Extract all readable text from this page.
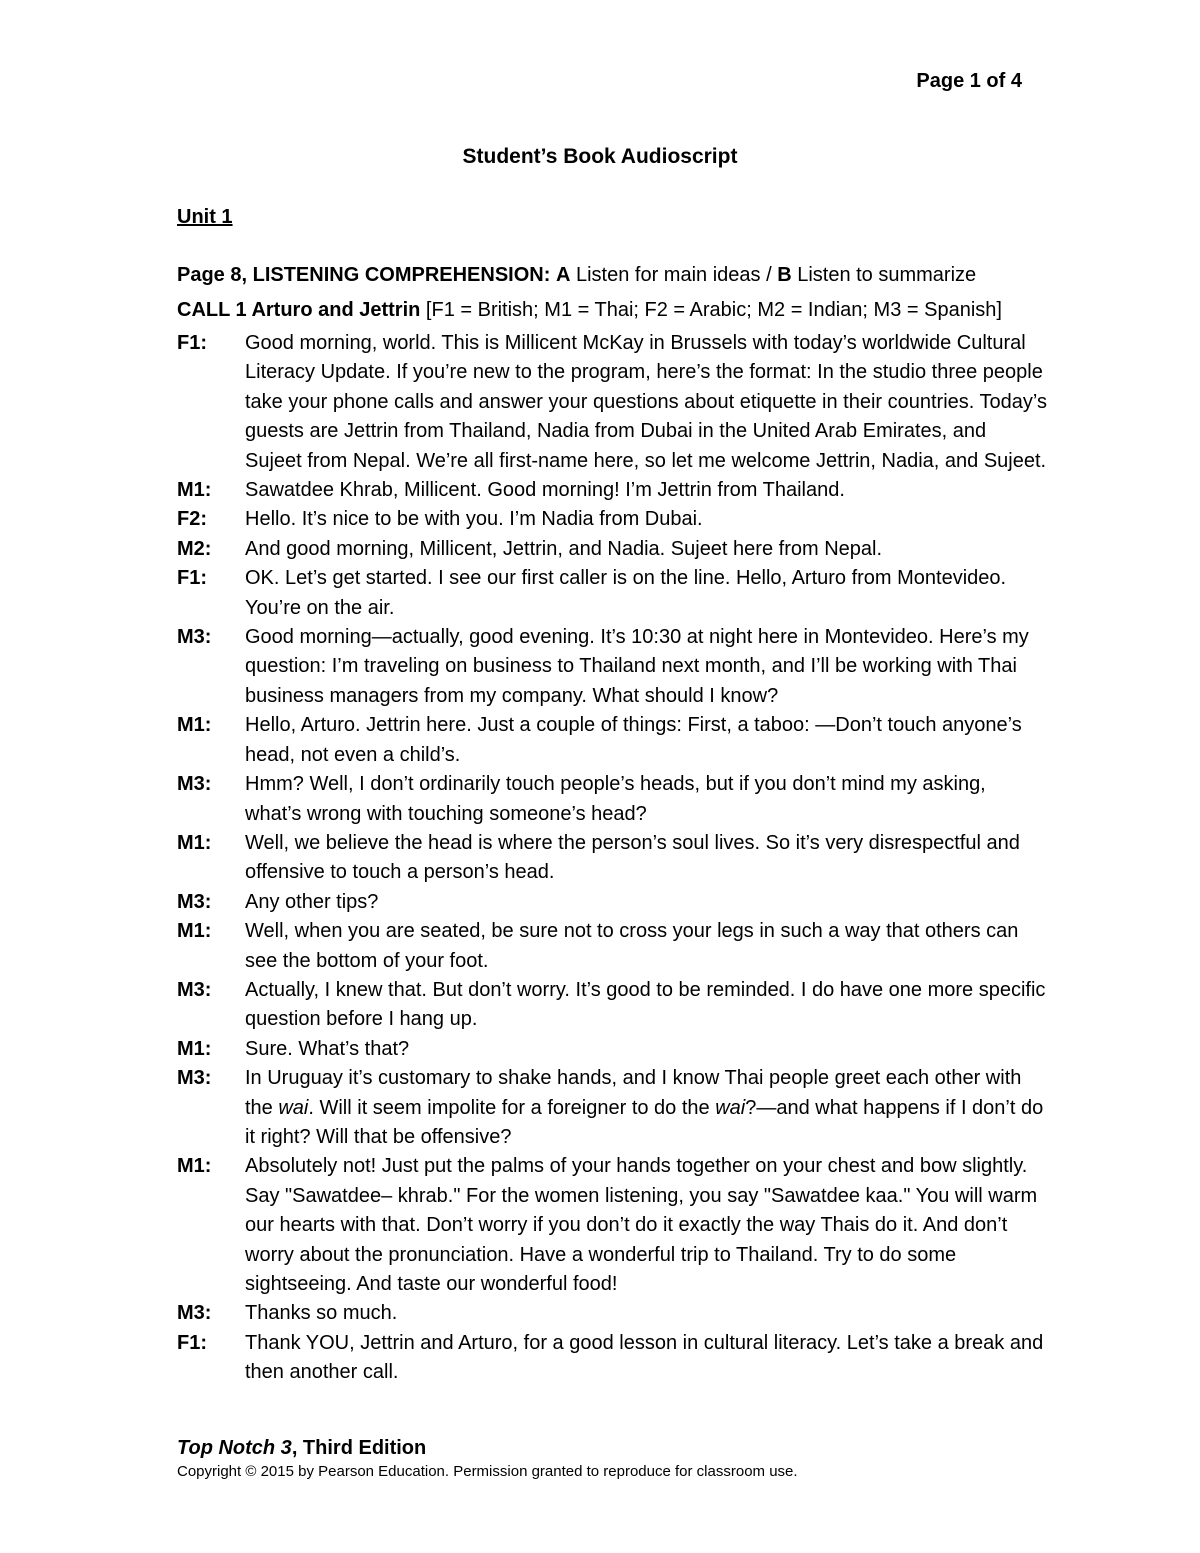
Page 1 of 4
Student’s Book Audioscript
Unit 1
Page 8, LISTENING COMPREHENSION: A Listen for main ideas / B Listen to summarize
CALL 1 Arturo and Jettrin [F1 = British; M1 = Thai; F2 = Arabic; M2 = Indian; M3 = Spanish]
F1:	Good morning, world. This is Millicent McKay in Brussels with today’s worldwide Cultural Literacy Update. If you’re new to the program, here’s the format: In the studio three people take your phone calls and answer your questions about etiquette in their countries. Today’s guests are Jettrin from Thailand, Nadia from Dubai in the United Arab Emirates, and Sujeet from Nepal. We’re all first-name here, so let me welcome Jettrin, Nadia, and Sujeet.
M1:	Sawatdee Khrab, Millicent. Good morning! I’m Jettrin from Thailand.
F2:	Hello. It’s nice to be with you. I’m Nadia from Dubai.
M2:	And good morning, Millicent, Jettrin, and Nadia. Sujeet here from Nepal.
F1:	OK. Let’s get started. I see our first caller is on the line. Hello, Arturo from Montevideo. You’re on the air.
M3:	Good morning—actually, good evening. It’s 10:30 at night here in Montevideo. Here’s my question: I’m traveling on business to Thailand next month, and I’ll be working with Thai business managers from my company. What should I know?
M1:	Hello, Arturo. Jettrin here. Just a couple of things: First, a taboo: ―Don’t touch anyone’s head, not even a child’s.
M3:	Hmm? Well, I don’t ordinarily touch people’s heads, but if you don’t mind my asking, what’s wrong with touching someone’s head?
M1:	Well, we believe the head is where the person’s soul lives. So it’s very disrespectful and offensive to touch a person’s head.
M3:	Any other tips?
M1:	Well, when you are seated, be sure not to cross your legs in such a way that others can see the bottom of your foot.
M3:	Actually, I knew that. But don’t worry. It’s good to be reminded. I do have one more specific question before I hang up.
M1:	Sure. What’s that?
M3:	In Uruguay it’s customary to shake hands, and I know Thai people greet each other with the wai. Will it seem impolite for a foreigner to do the wai?—and what happens if I don’t do it right? Will that be offensive?
M1:	Absolutely not! Just put the palms of your hands together on your chest and bow slightly. Say "Sawatdee– khrab." For the women listening, you say "Sawatdee kaa." You will warm our hearts with that. Don’t worry if you don’t do it exactly the way Thais do it. And don’t worry about the pronunciation. Have a wonderful trip to Thailand. Try to do some sightseeing. And taste our wonderful food!
M3:	Thanks so much.
F1:	Thank YOU, Jettrin and Arturo, for a good lesson in cultural literacy. Let’s take a break and then another call.
Top Notch 3, Third Edition
Copyright © 2015 by Pearson Education. Permission granted to reproduce for classroom use.
